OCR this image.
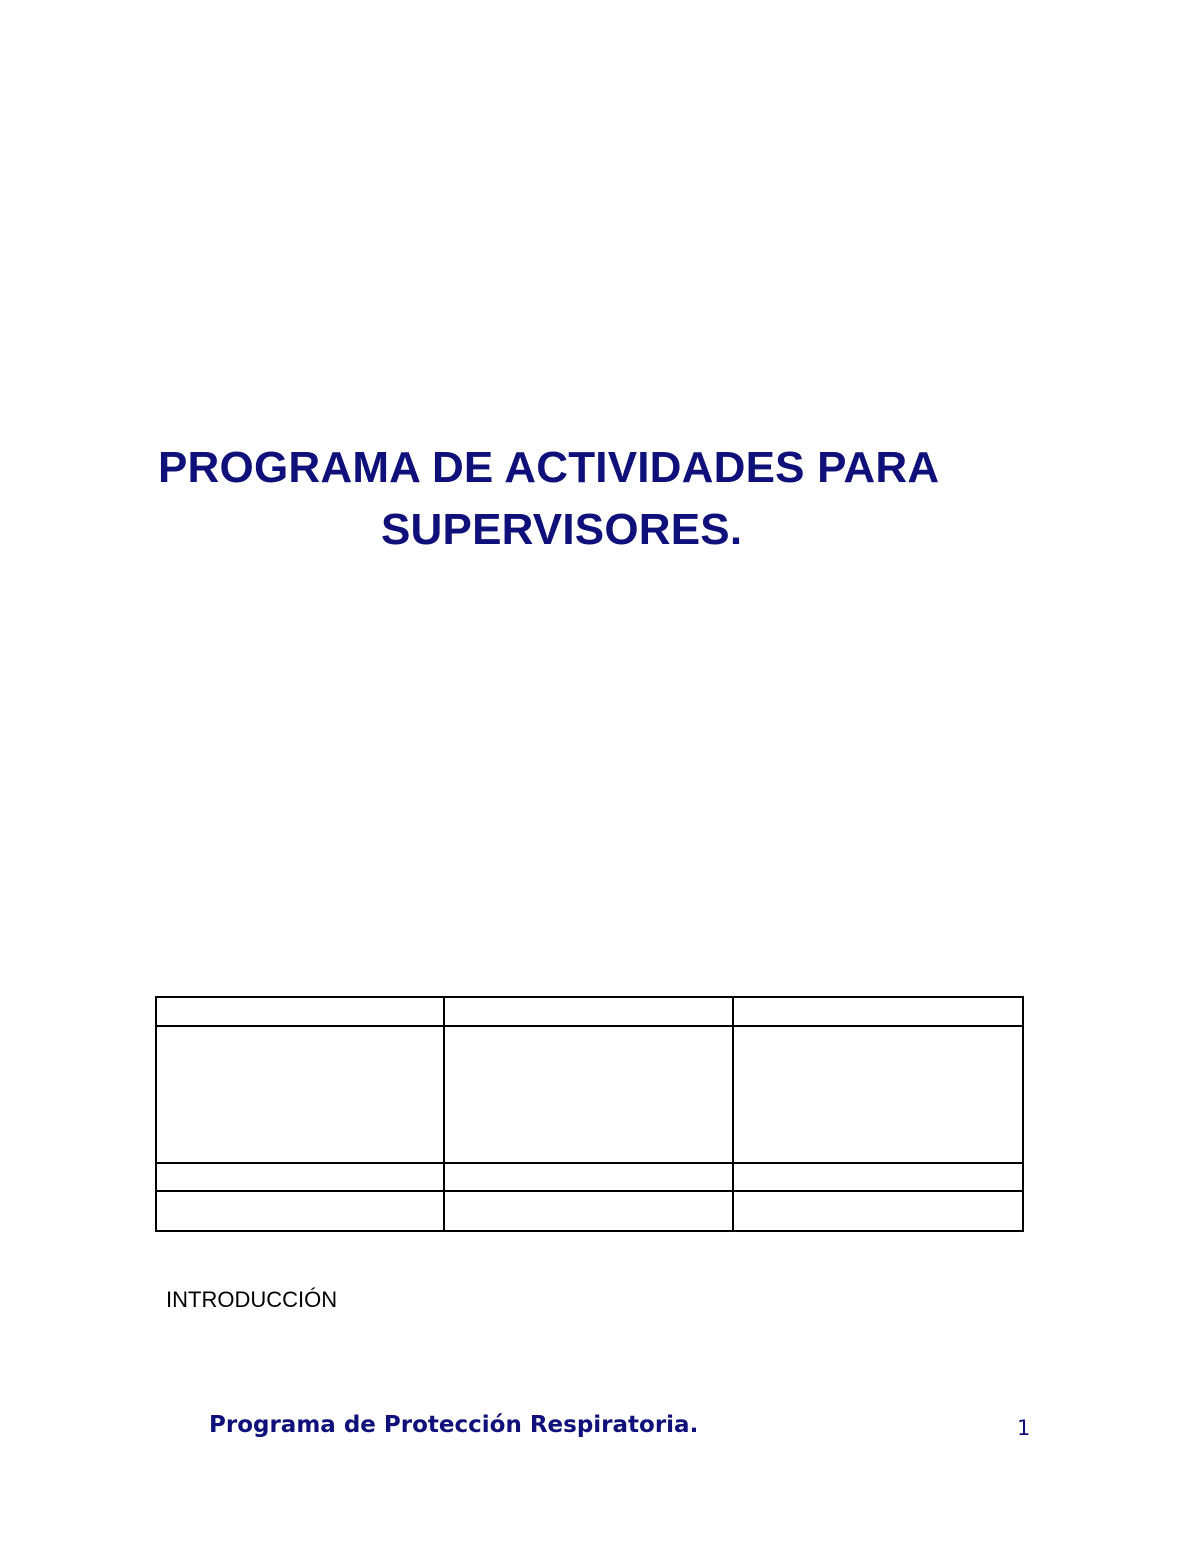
PROGRAMA DE ACTIVIDADES PARA
SUPERVISORES.

INTRODUCCIÓN
Programa de Protección Respiratoria.	1
